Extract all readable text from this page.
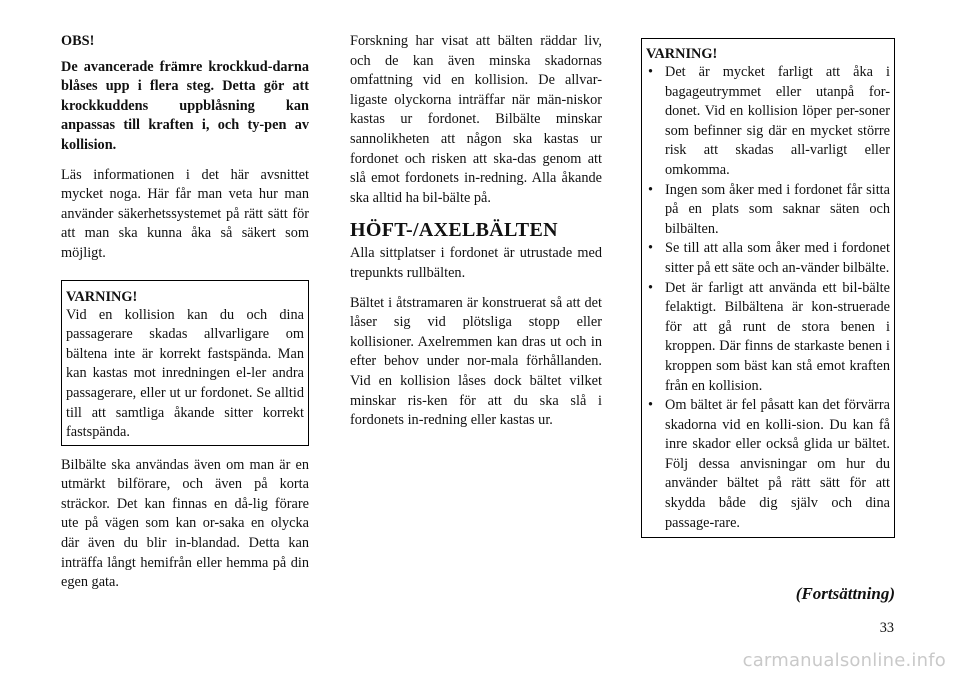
OBS!

De avancerade främre krockkud-darna blåses upp i flera steg. Detta gör att krockkuddens uppblåsning kan anpassas till kraften i, och ty-pen av kollision.

Läs informationen i det här avsnittet mycket noga. Här får man veta hur man använder säkerhetssystemet på rätt sätt för att man ska kunna åka så säkert som möjligt.

VARNING!

Vid en kollision kan du och dina passagerare skadas allvarligare om bältena inte är korrekt fastspända. Man kan kastas mot inredningen el-ler andra passagerare, eller ut ur fordonet. Se alltid till att samtliga åkande sitter korrekt fastspända.

Bilbälte ska användas även om man är en utmärkt bilförare, och även på korta sträckor. Det kan finnas en då-lig förare ute på vägen som kan or-saka en olycka där även du blir in-blandad. Detta kan inträffa långt hemifrån eller hemma på din egen gata.

Forskning har visat att bälten räddar liv, och de kan även minska skadornas omfattning vid en kollision. De allvar-ligaste olyckorna inträffar när män-niskor kastas ur fordonet. Bilbälte minskar sannolikheten att någon ska kastas ur fordonet och risken att ska-das genom att slå emot fordonets in-redning. Alla åkande ska alltid ha bil-bälte på.

HÖFT-/AXELBÄLTEN

Alla sittplatser i fordonet är utrustade med trepunkts rullbälten.

Bältet i åtstramaren är konstruerat så att det låser sig vid plötsliga stopp eller kollisioner. Axelremmen kan dras ut och in efter behov under nor-mala förhållanden. Vid en kollision låses dock bältet vilket minskar ris-ken för att du ska slå i fordonets in-redning eller kastas ur.

VARNING!
• Det är mycket farligt att åka i bagageutrymmet eller utanpå for-donet. Vid en kollision löper per-soner som befinner sig där en mycket större risk att skadas all-varligt eller omkomma.
• Ingen som åker med i fordonet får sitta på en plats som saknar säten och bilbälten.
• Se till att alla som åker med i fordonet sitter på ett säte och an-vänder bilbälte.
• Det är farligt att använda ett bil-bälte felaktigt. Bilbältena är kon-struerade för att gå runt de stora benen i kroppen. Där finns de starkaste benen i kroppen som bäst kan stå emot kraften från en kollision.
• Om bältet är fel påsatt kan det förvärra skadorna vid en kolli-sion. Du kan få inre skador eller också glida ur bältet. Följ dessa anvisningar om hur du använder bältet på rätt sätt för att skydda både dig själv och dina passage-rare.
(Fortsättning)
33
carmanualsonline.info
